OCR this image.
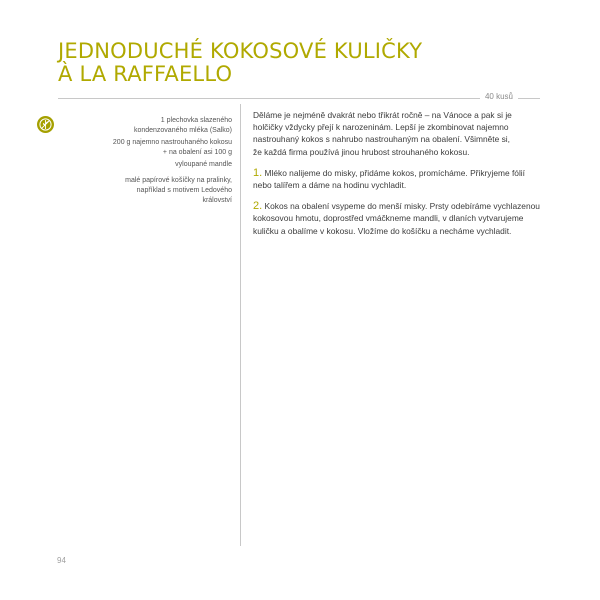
JEDNODUCHÉ KOKOSOVÉ KULIČKY
À LA RAFFAELLO
40 kusů

1 plechovka slazeného kondenzovaného mléka (Salko)

200 g najemno nastrouhaného kokosu + na obalení asi 100 g

vyloupané mandle

malé papírové košíčky na pralinky, například s motivem Ledového království

Děláme je nejméně dvakrát nebo třikrát ročně – na Vánoce a pak si je
holčičky vždycky přejí k narozeninám. Lepší je zkombinovat najemno
nastrouhaný kokos s nahrubo nastrouhaným na obalení. Všimněte si,
že každá firma používá jinou hrubost strouhaného kokosu.

1. Mléko nalijeme do misky, přidáme kokos, promícháme. Přikryjeme fólií
nebo talířem a dáme na hodinu vychladit.

2. Kokos na obalení vsypeme do menší misky. Prsty odebíráme vychlazenou
kokosovou hmotu, doprostřed vmáčkneme mandli, v dlaních vytvarujeme
kuličku a obalíme v kokosu. Vložíme do košíčku a necháme vychladit.

94
